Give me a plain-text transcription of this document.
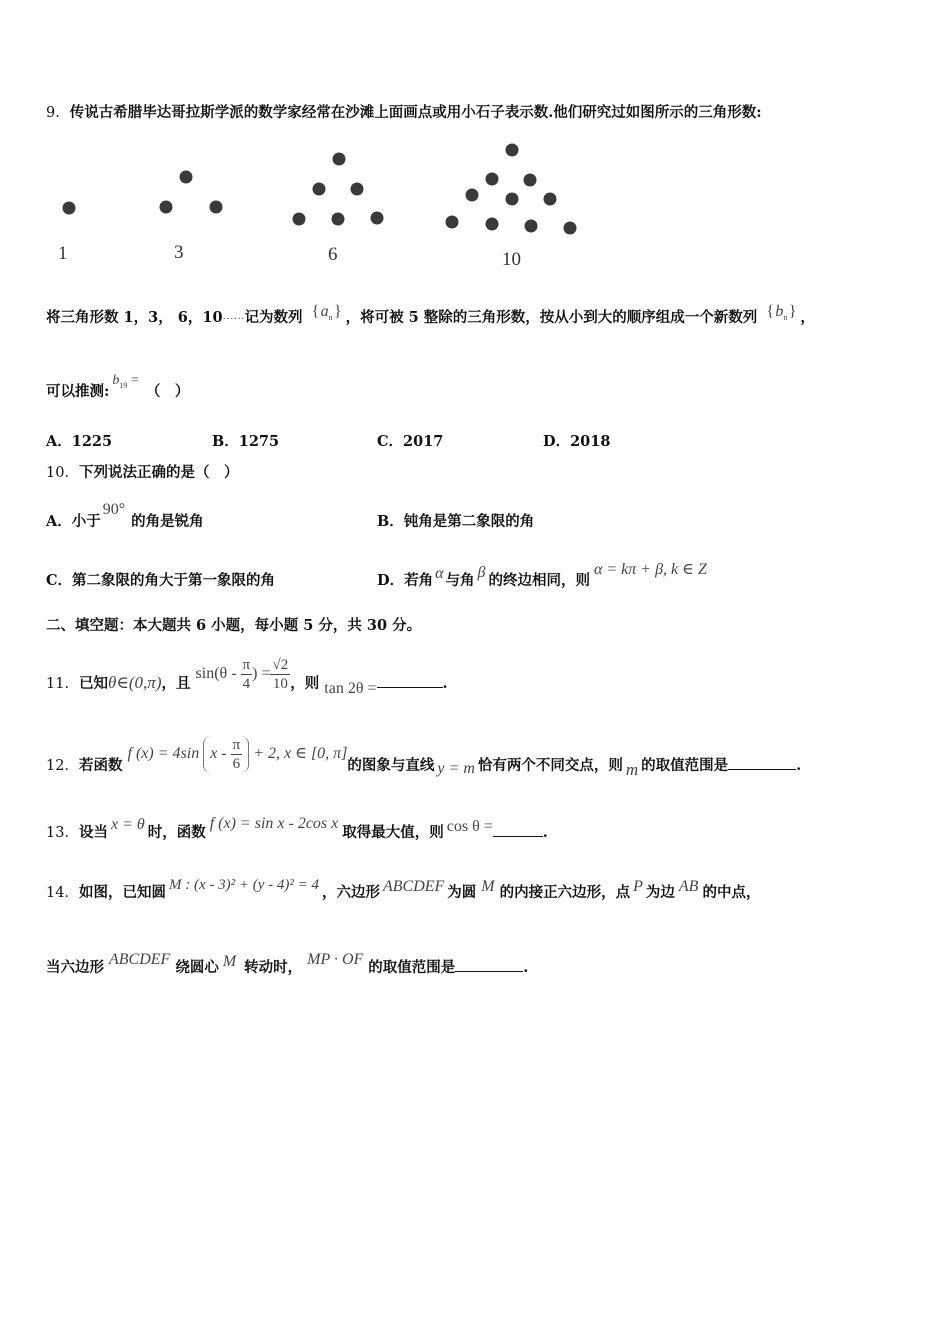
9．传说古希腊毕达哥拉斯学派的数学家经常在沙滩上面画点或用小石子表示数.他们研究过如图所示的三角形数:
1	3	6	10
将三角形数 1，3， 6，10······记为数列 { $a_n$ } ，将可被 5 整除的三角形数，按从小到大的顺序组成一个新数列 { $b_n$ } ，
可以推测: $b_{19}$ = （　）
A．1225	B．1275	C．2017	D．2018
10．下列说法正确的是（　）
A．小于90°的角是锐角	B．钝角是第二象限的角
C．第二象限的角大于第一象限的角	D．若角 α 与角 β 的终边相同，则α = kπ + β, k ∈ Z
二、填空题：本大题共 6 小题，每小题 5 分，共 30 分。
11．已知θ∈(0,π)，且 $\sin(\theta - \frac{\pi}{4}$ ) = $\frac{√2}{10}$ ，则 tan 2θ =	.
12．若函数 f (x) = 4sin $x - \frac{\pi}{6} + 2$, x ∈ [0, π]的图象与直线 y = m 恰有两个不同交点，则 m 的取值范围是	.
13．设当 x = θ 时，函数f (x) = sin x - 2cos x取得最大值，则 cos θ =	.
14．如图，已知圆 M : (x - 3)² + (y - 4)² = 4 ，六边形 ABCDEF 为圆 M 的内接正六边形，点 P 为边 AB 的中点，
当六边形 ABCDEF 绕圆心 M 转动时， MP · OF 的取值范围是	.
